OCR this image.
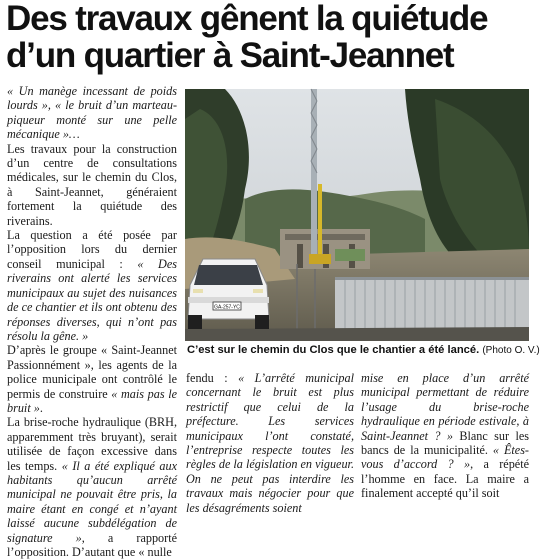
Des travaux gênent la quiétude
d’un quartier à Saint-Jeannet

« Un manège incessant de poids lourds », « le bruit d’un marteau-piqueur monté sur une pelle mécanique »…

Les travaux pour la construction d’un centre de consultations médicales, sur le chemin du Clos, à Saint-Jeannet, généraient fortement la quiétude des riverains.

La question a été posée par l’opposition lors du dernier conseil municipal : « Des riverains ont alerté les services municipaux au sujet des nuisances de ce chantier et ils ont obtenu des réponses diverses, qui n’ont pas résolu la gêne. »

D’après le groupe « Saint-Jeannet Passionnément », les agents de la police municipale ont contrôlé le permis de construire « mais pas le bruit ».

La brise-roche hydraulique (BRH, apparemment très bruyant), serait utilisée de façon excessive dans les temps. « Il a été expliqué aux habitants qu’aucun arrêté municipal ne pouvait être pris, la maire étant en congé et n’ayant laissé aucune subdélégation de signature », a rapporté l’opposition. D’autant que « nulle

GA-257-YC
C’est sur le chemin du Clos que le chantier a été lancé. (Photo O. V.)

fendu : « L’arrêté municipal concernant le bruit est plus restrictif que celui de la préfecture. Les services municipaux l’ont constaté, l’entreprise respecte toutes les règles de la législation en vigueur. On ne peut pas interdire les travaux mais négocier pour que les désagréments soient

mise en place d’un arrêté municipal permettant de réduire l’usage du brise-roche hydraulique en période estivale, à Saint-Jeannet ? » Blanc sur les bancs de la municipalité. « Êtes-vous d’accord ? », a répété l’homme en face. La maire a finalement accepté qu’il soit
